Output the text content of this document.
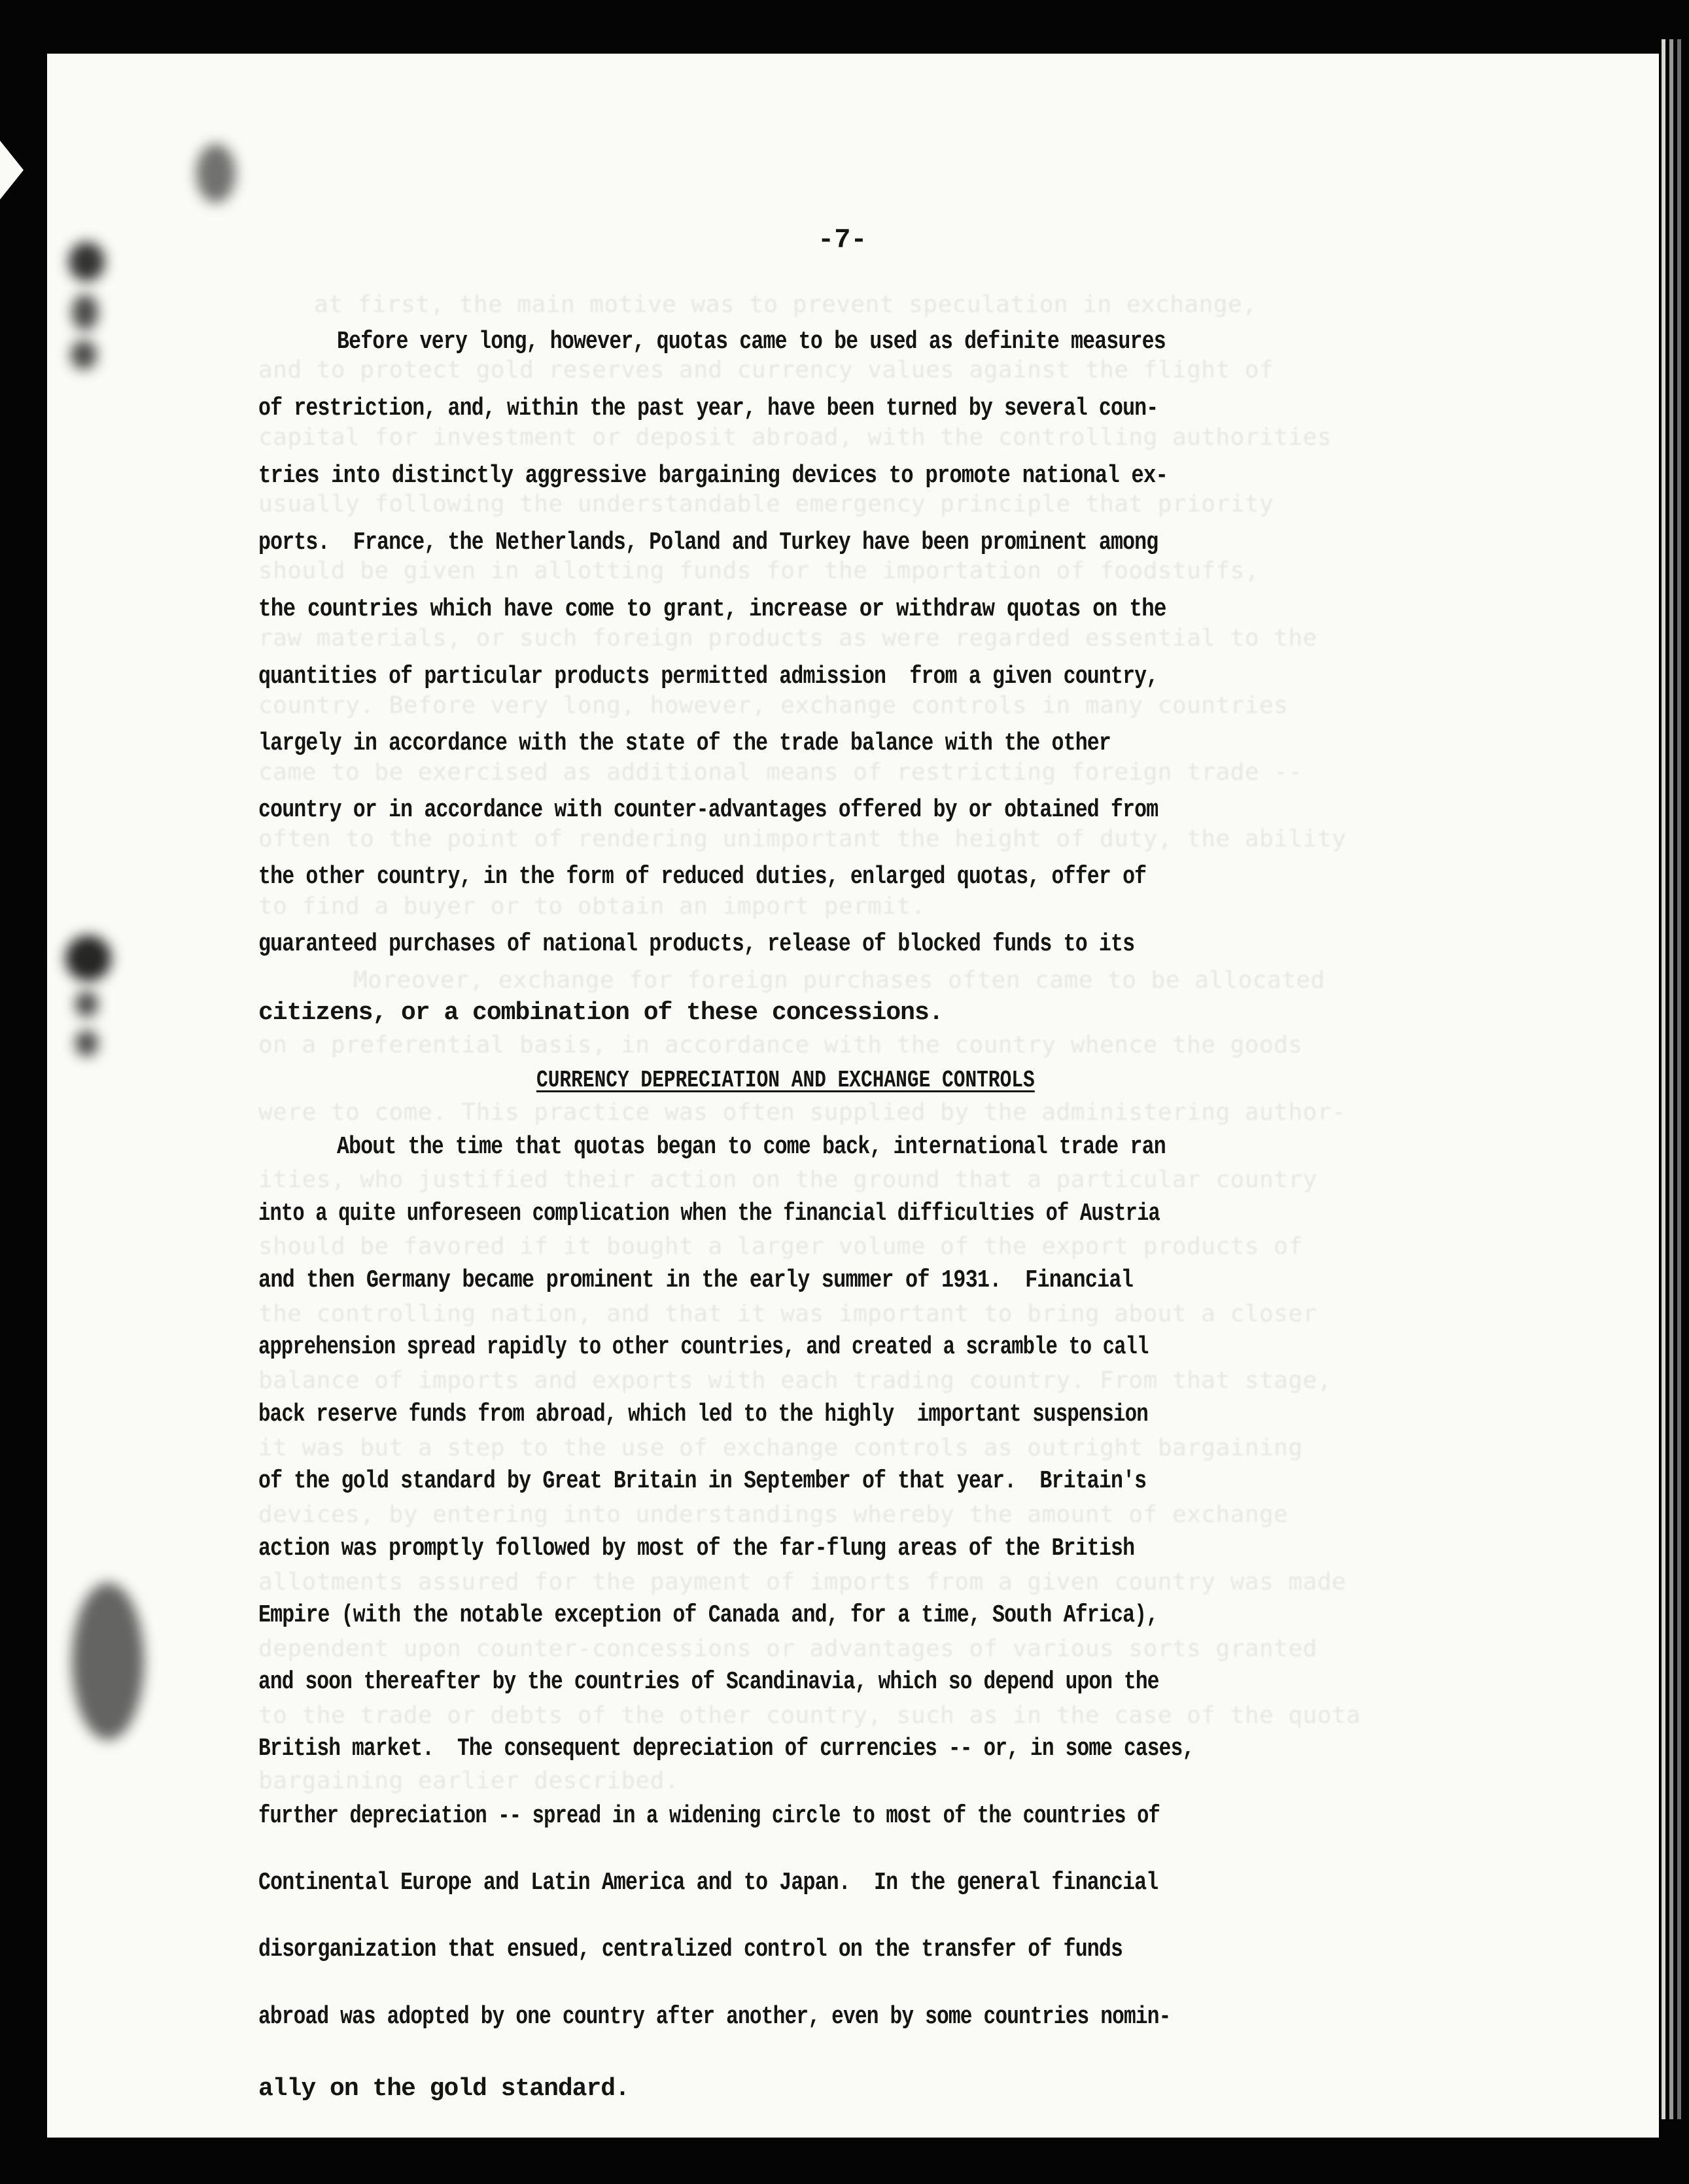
at first, the main motive was to prevent speculation in exchange,
and to protect gold reserves and currency values against the flight of
capital for investment or deposit abroad, with the controlling authorities
usually following the understandable emergency principle that priority
should be given in allotting funds for the importation of foodstuffs,
raw materials, or such foreign products as were regarded essential to the
country. Before very long, however, exchange controls in many countries
came to be exercised as additional means of restricting foreign trade --
often to the point of rendering unimportant the height of duty, the ability
to find a buyer or to obtain an import permit.
Moreover, exchange for foreign purchases often came to be allocated
on a preferential basis, in accordance with the country whence the goods
were to come. This practice was often supplied by the administering author-
ities, who justified their action on the ground that a particular country
should be favored if it bought a larger volume of the export products of
the controlling nation, and that it was important to bring about a closer
balance of imports and exports with each trading country. From that stage,
it was but a step to the use of exchange controls as outright bargaining
devices, by entering into understandings whereby the amount of exchange
allotments assured for the payment of imports from a given country was made
dependent upon counter-concessions or advantages of various sorts granted
to the trade or debts of the other country, such as in the case of the quota
bargaining earlier described.
-7-
Before very long, however, quotas came to be used as definite measures
of restriction, and, within the past year, have been turned by several coun-
tries into distinctly aggressive bargaining devices to promote national ex-
ports.  France, the Netherlands, Poland and Turkey have been prominent among
the countries which have come to grant, increase or withdraw quotas on the
quantities of particular products permitted admission  from a given country,
largely in accordance with the state of the trade balance with the other
country or in accordance with counter-advantages offered by or obtained from
the other country, in the form of reduced duties, enlarged quotas, offer of
guaranteed purchases of national products, release of blocked funds to its
citizens, or a combination of these concessions.
CURRENCY DEPRECIATION AND EXCHANGE CONTROLS
About the time that quotas began to come back, international trade ran
into a quite unforeseen complication when the financial difficulties of Austria
and then Germany became prominent in the early summer of 1931.  Financial
apprehension spread rapidly to other countries, and created a scramble to call
back reserve funds from abroad, which led to the highly  important suspension
of the gold standard by Great Britain in September of that year.  Britain's
action was promptly followed by most of the far-flung areas of the British
Empire (with the notable exception of Canada and, for a time, South Africa),
and soon thereafter by the countries of Scandinavia, which so depend upon the
British market.  The consequent depreciation of currencies -- or, in some cases,
further depreciation -- spread in a widening circle to most of the countries of
Continental Europe and Latin America and to Japan.  In the general financial
disorganization that ensued, centralized control on the transfer of funds
abroad was adopted by one country after another, even by some countries nomin-
ally on the gold standard.
